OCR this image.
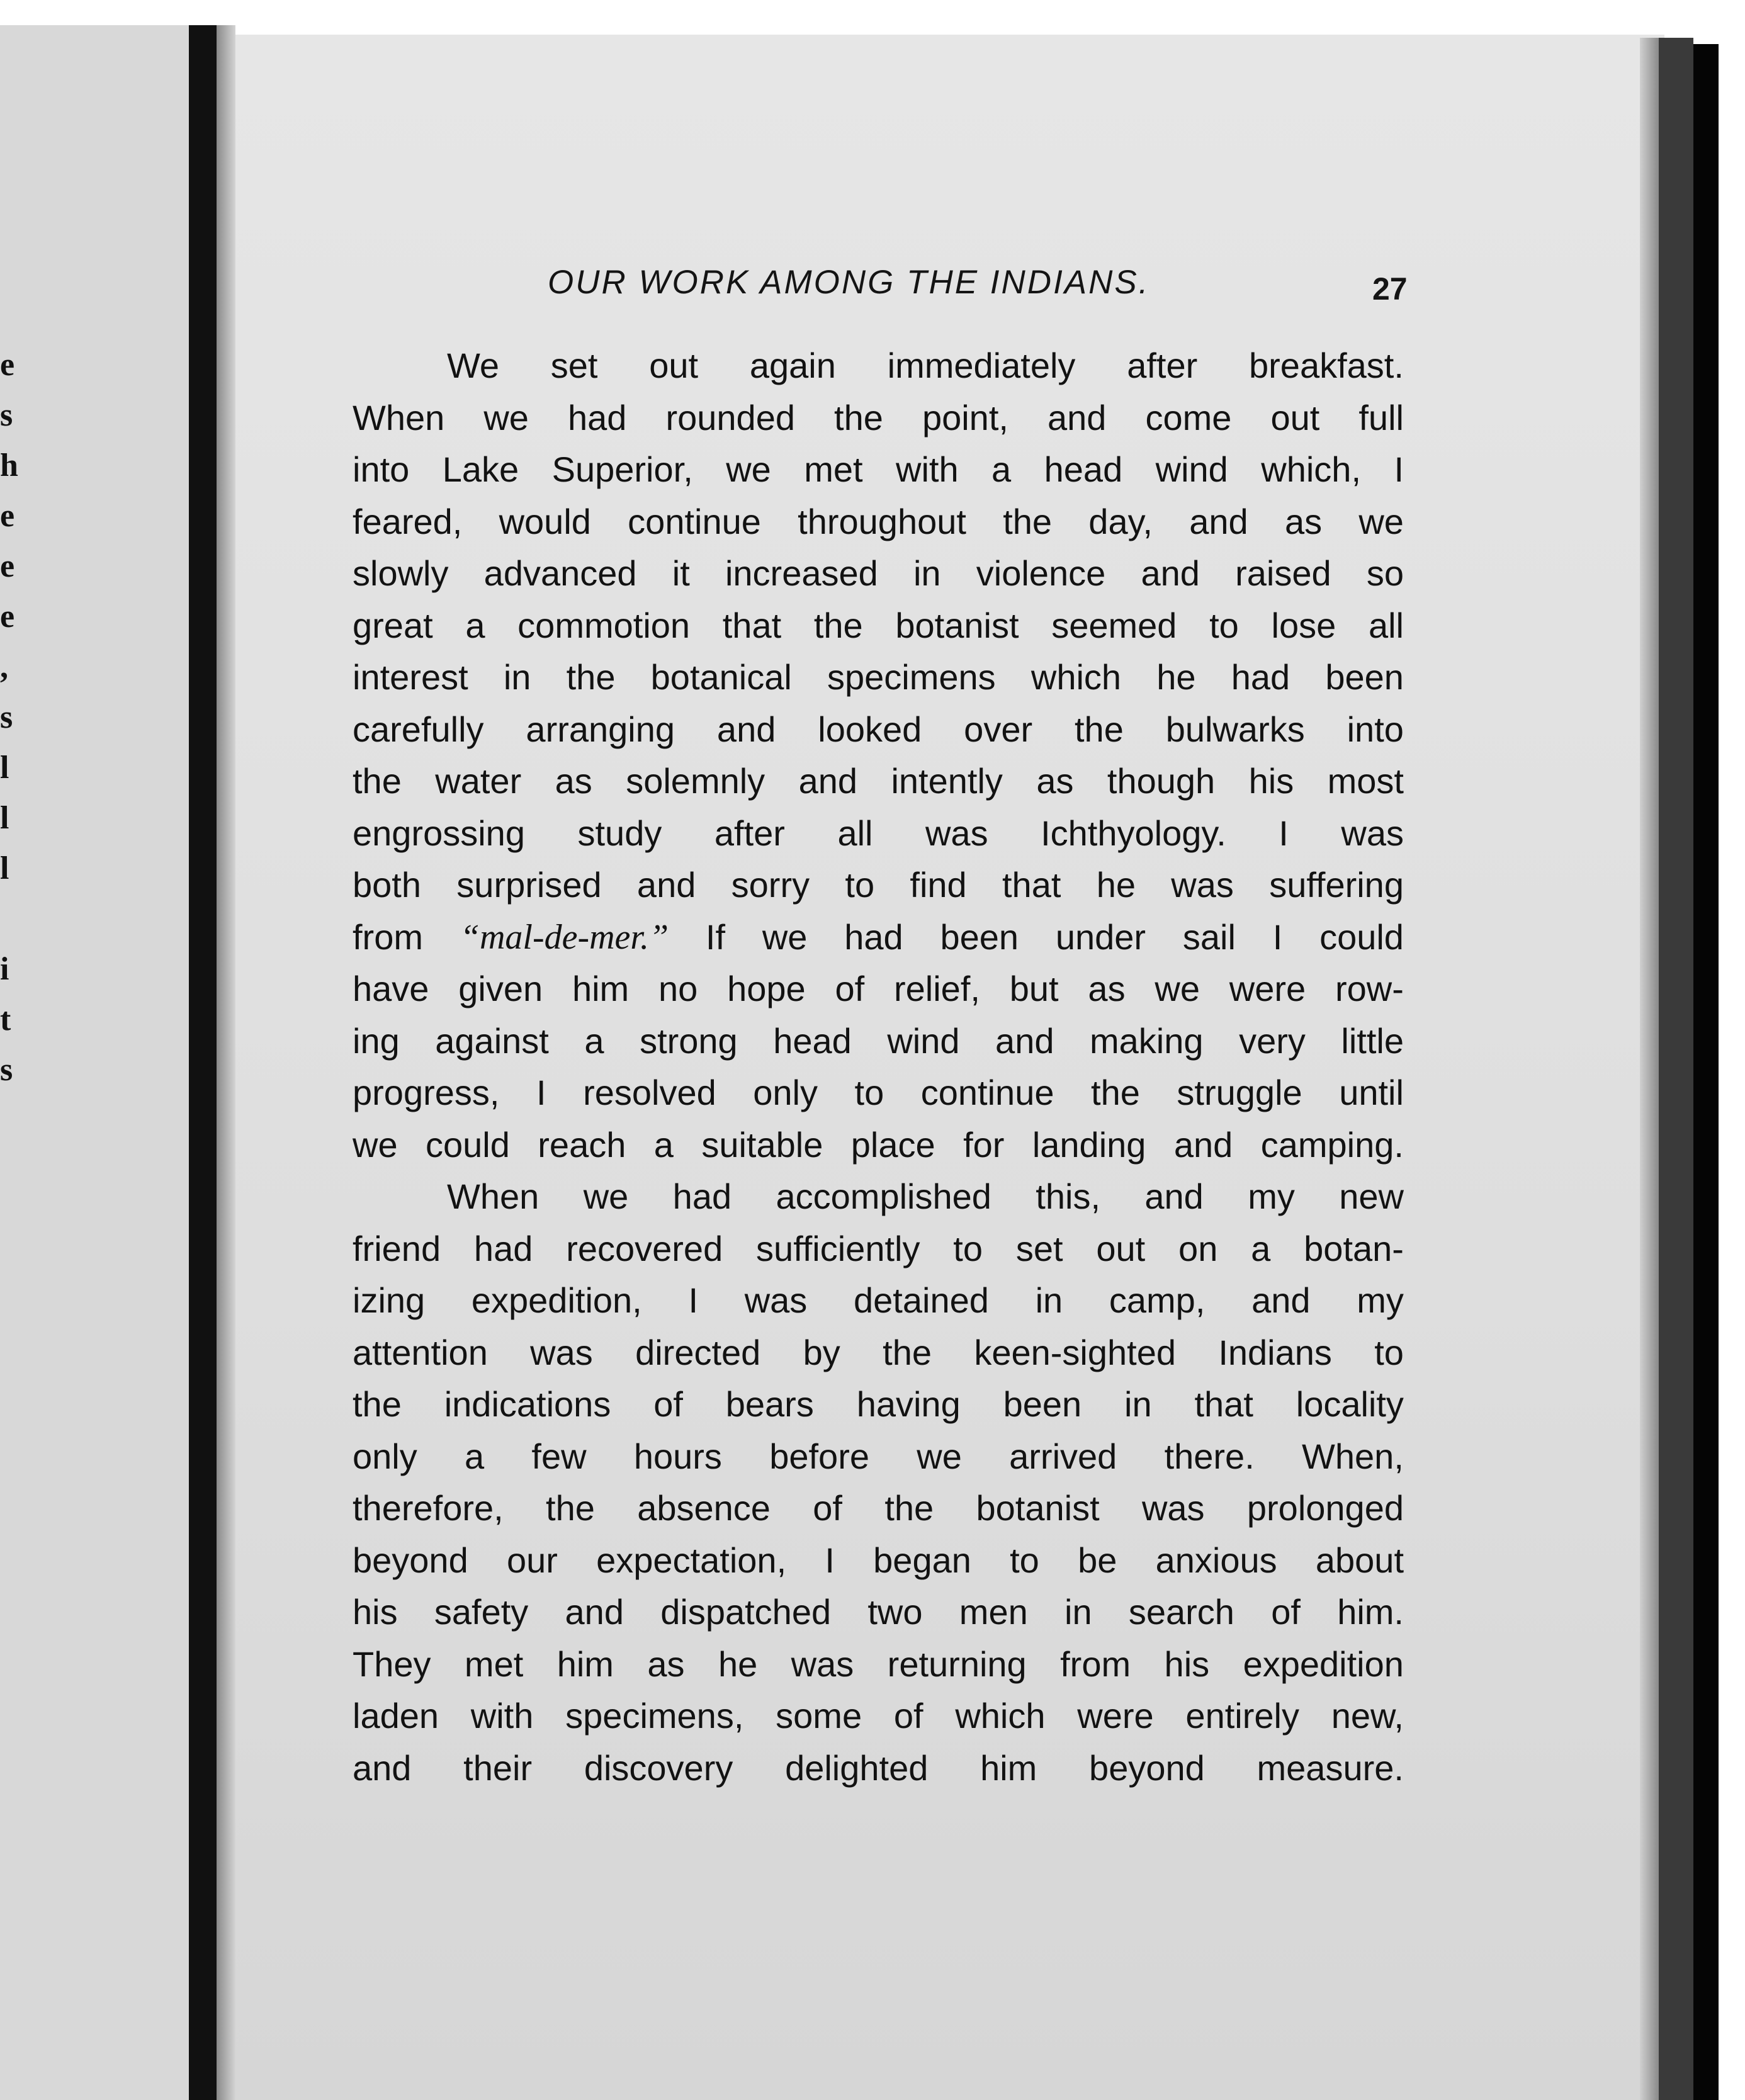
e
s
h
e
e
e
,
s
l
l
l
i
t
s
OUR WORK AMONG THE INDIANS.	27
We set out again immediately after breakfast.
When we had rounded the point, and come out full
into Lake Superior, we met with a head wind which, I
feared, would continue throughout the day, and as we
slowly advanced it increased in violence and raised so
great a commotion that the botanist seemed to lose all
interest in the botanical specimens which he had been
carefully arranging and looked over the bulwarks into
the water as solemnly and intently as though his most
engrossing study after all was Ichthyology. I was
both surprised and sorry to find that he was suffering
from “mal-de-mer.” If we had been under sail I could
have given him no hope of relief, but as we were row-
ing against a strong head wind and making very little
progress, I resolved only to continue the struggle until
we could reach a suitable place for landing and camping.
When we had accomplished this, and my new
friend had recovered sufficiently to set out on a botan-
izing expedition, I was detained in camp, and my
attention was directed by the keen-sighted Indians to
the indications of bears having been in that locality
only a few hours before we arrived there. When,
therefore, the absence of the botanist was prolonged
beyond our expectation, I began to be anxious about
his safety and dispatched two men in search of him.
They met him as he was returning from his expedition
laden with specimens, some of which were entirely new,
and their discovery delighted him beyond measure.
